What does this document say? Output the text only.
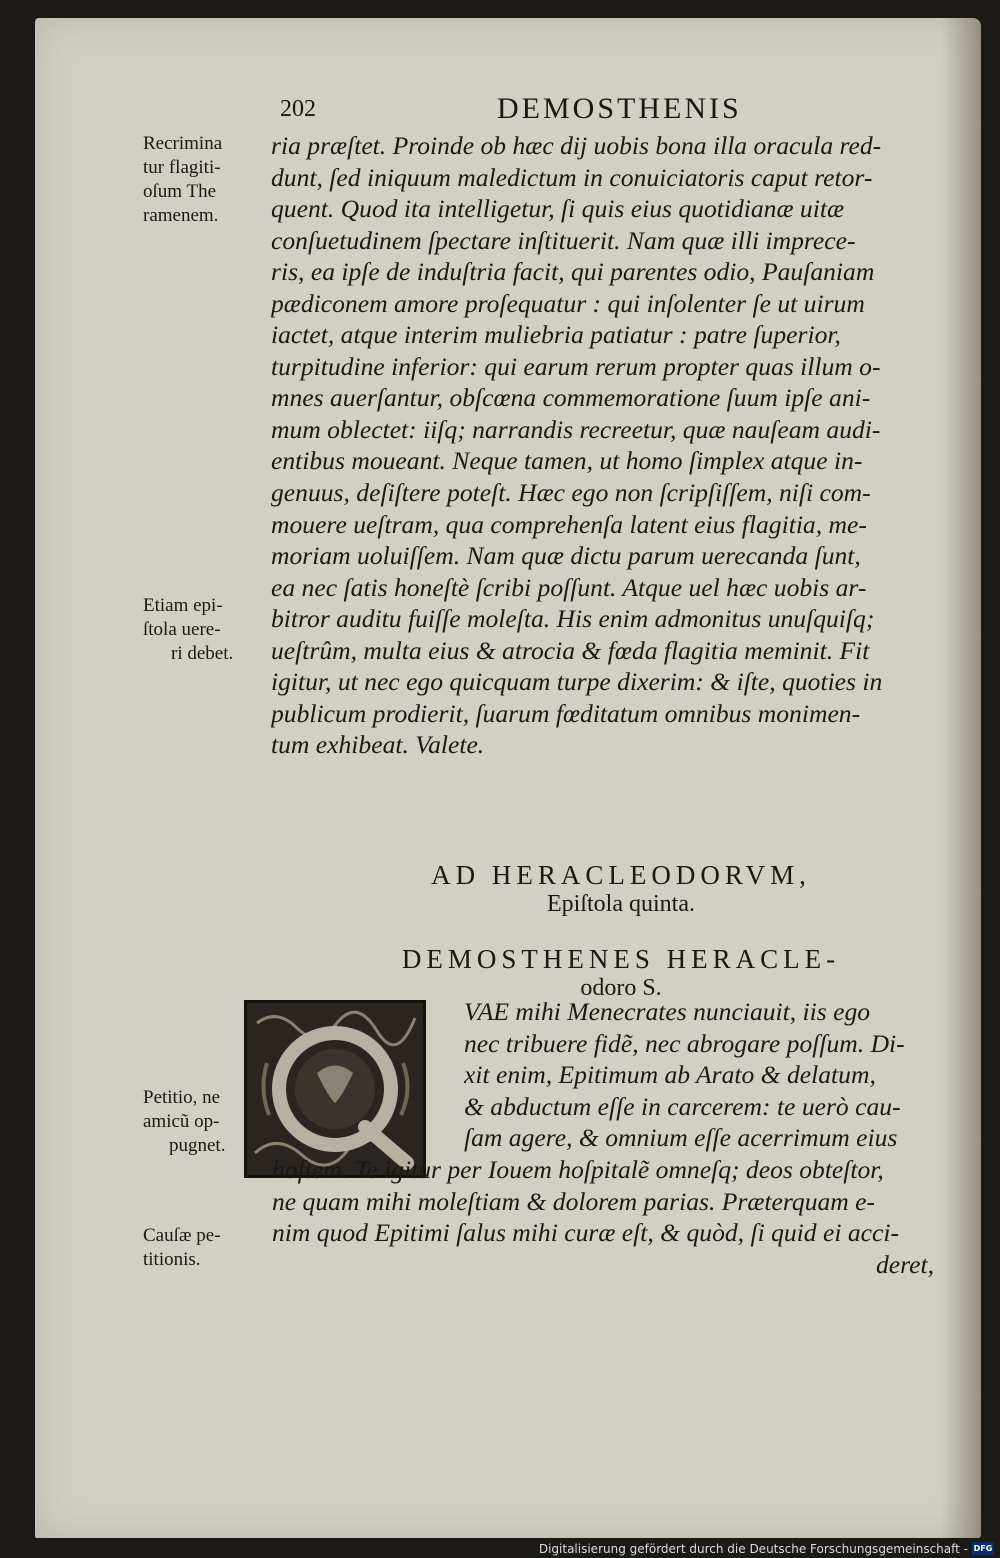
202	DEMOSTHENIS
ria præſtet. Proinde ob hæc dij uobis bona illa oracula red-
dunt, ſed iniquum maledictum in conuiciatoris caput retor-
quent. Quod ita intelligetur, ſi quis eius quotidianæ uitæ
conſuetudinem ſpectare inſtituerit. Nam quæ illi imprece-
ris, ea ipſe de induſtria facit, qui parentes odio, Pauſaniam
pædiconem amore proſequatur : qui inſolenter ſe ut uirum
iactet, atque interim muliebria patiatur : patre ſuperior,
turpitudine inferior: qui earum rerum propter quas illum o-
mnes auerſantur, obſcœna commemoratione ſuum ipſe ani-
mum oblectet: iiſq; narrandis recreetur, quæ nauſeam audi-
entibus moueant. Neque tamen, ut homo ſimplex atque in-
genuus, deſiſtere poteſt. Hæc ego non ſcripſiſſem, niſi com-
mouere ueſtram, qua comprehenſa latent eius flagitia, me-
moriam uoluiſſem. Nam quæ dictu parum uerecanda ſunt,
ea nec ſatis honeſtè ſcribi poſſunt. Atque uel hæc uobis ar-
bitror auditu fuiſſe moleſta. His enim admonitus unuſquiſq;
ueſtrûm, multa eius & atrocia & fœda flagitia meminit. Fit
igitur, ut nec ego quicquam turpe dixerim: & iſte, quoties in
publicum prodierit, ſuarum fœditatum omnibus monimen-
tum exhibeat. Valete.
Recrimina
tur flagiti-
oſum The
ramenem.
Etiam epi-
ſtola uere-
ri debet.
Petitio, ne
amicũ op-
pugnet.
Cauſæ pe-
titionis.
AD HERACLEODORVM,
Epiſtola quinta.
DEMOSTHENES HERACLE-
odoro S.
VAE mihi Menecrates nunciauit, iis ego
nec tribuere fidẽ, nec abrogare poſſum. Di-
xit enim, Epitimum ab Arato & delatum,
& abductum eſſe in carcerem: te uerò cau-
ſam agere, & omnium eſſe acerrimum eius
hoſtem. Te igitur per Iouem hoſpitalẽ omneſq; deos obteſtor,
ne quam mihi moleſtiam & dolorem parias. Præterquam e-
nim quod Epitimi ſalus mihi curæ eſt, & quòd, ſi quid ei acci-
deret,
Digitalisierung gefördert durch die Deutsche Forschungsgemeinschaft - DFG
